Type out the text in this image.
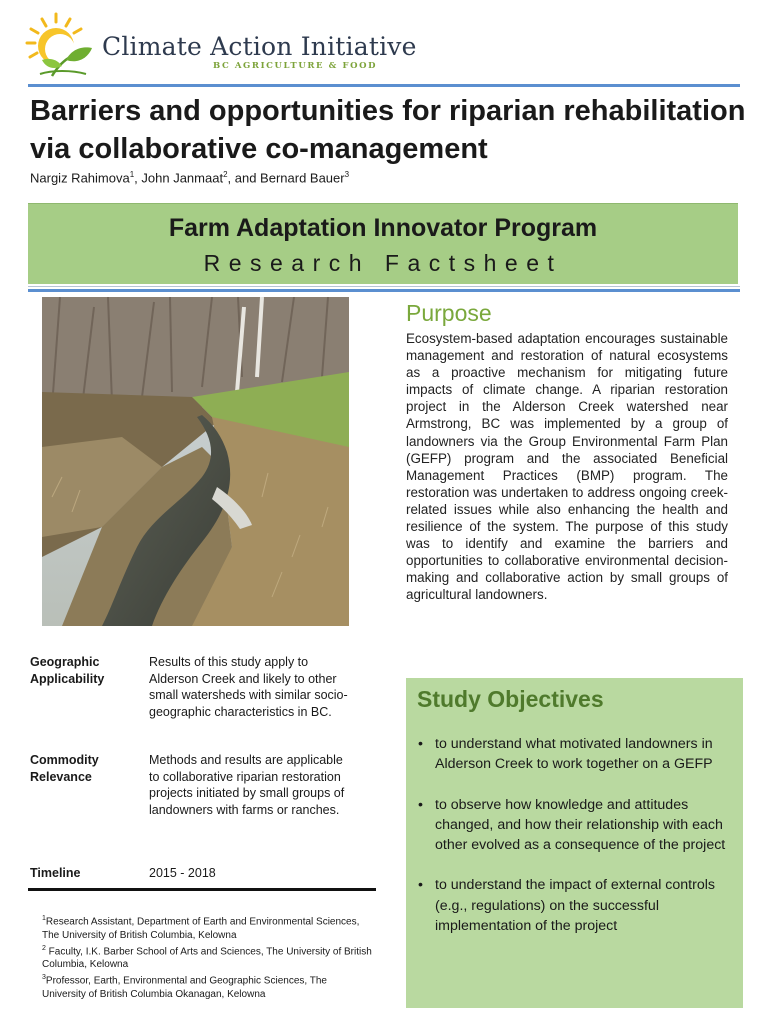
Climate Action Initiative
BC AGRICULTURE & FOOD
Barriers and opportunities for riparian rehabilitation via collaborative co-management
Nargiz Rahimova$^1$, John Janmaat$^2$, and Bernard Bauer$^3$
Farm Adaptation Innovator Program
Research Factsheet
Purpose
Ecosystem-based adaptation encourages sustainable management and restoration of natural ecosystems as a proactive mechanism for mitigating future impacts of climate change. A riparian restoration project in the Alderson Creek watershed near Armstrong, BC was implemented by a group of landowners via the Group Environmental Farm Plan (GEFP) program and the associated Beneficial Management Practices (BMP) program. The restoration was undertaken to address ongoing creek-related issues while also enhancing the health and resilience of the system. The purpose of this study was to identify and examine the barriers and opportunities to collaborative environmental decision-making and collaborative action by small groups of agricultural landowners.
Geographic Applicability
Results of this study apply to Alderson Creek and likely to other small watersheds with similar socio-geographic characteristics in BC.
Commodity Relevance
Methods and results are applicable to collaborative riparian restoration projects initiated by small groups of landowners with farms or ranches.
Timeline	2015 - 2018
$^1$Research Assistant, Department of Earth and Environmental Sciences, The University of British Columbia, Kelowna
$^2$ Faculty, I.K. Barber School of Arts and Sciences, The University of British Columbia, Kelowna
$^3$Professor, Earth, Environmental and Geographic Sciences, The University of British Columbia Okanagan, Kelowna
Study Objectives
• to understand what motivated landowners in Alderson Creek to work together on a GEFP
• to observe how knowledge and attitudes changed, and how their relationship with each other evolved as a consequence of the project
• to understand the impact of external controls (e.g., regulations) on the successful implementation of the project
